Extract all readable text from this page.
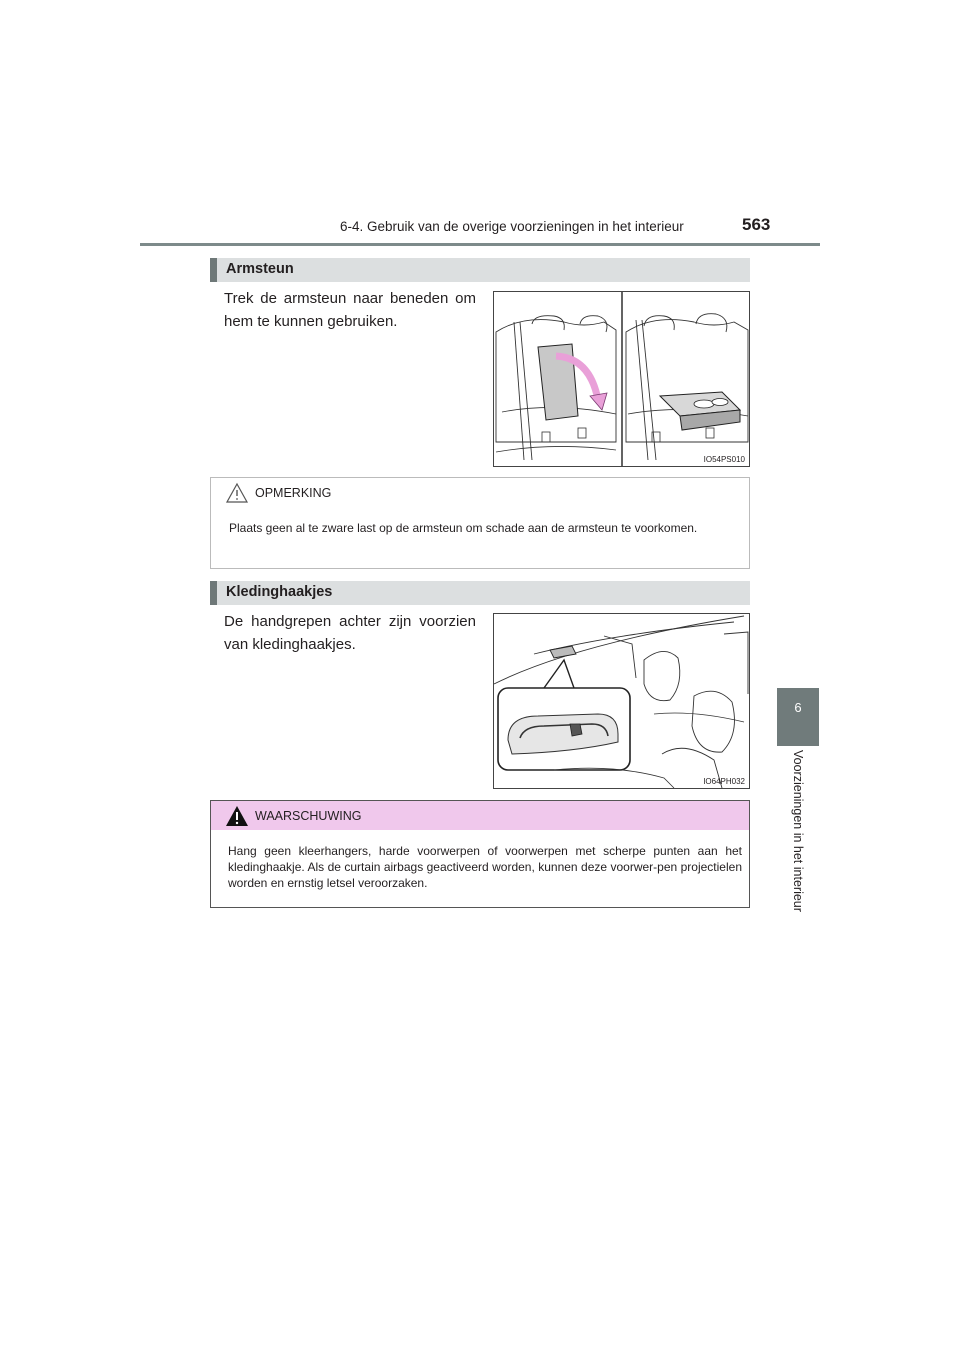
6-4. Gebruik van de overige voorzieningen in het interieur	563
6
Voorzieningen in het interieur
Armsteun
Trek de armsteun naar beneden om hem te kunnen gebruiken.
IO54PS010
OPMERKING
Plaats geen al te zware last op de armsteun om schade aan de armsteun te voorkomen.
Kledinghaakjes
De handgrepen achter zijn voorzien van kledinghaakjes.
IO64PH032
WAARSCHUWING
Hang geen kleerhangers, harde voorwerpen of voorwerpen met scherpe punten aan het kledinghaakje. Als de curtain airbags geactiveerd worden, kunnen deze voorwer-pen projectielen worden en ernstig letsel veroorzaken.
